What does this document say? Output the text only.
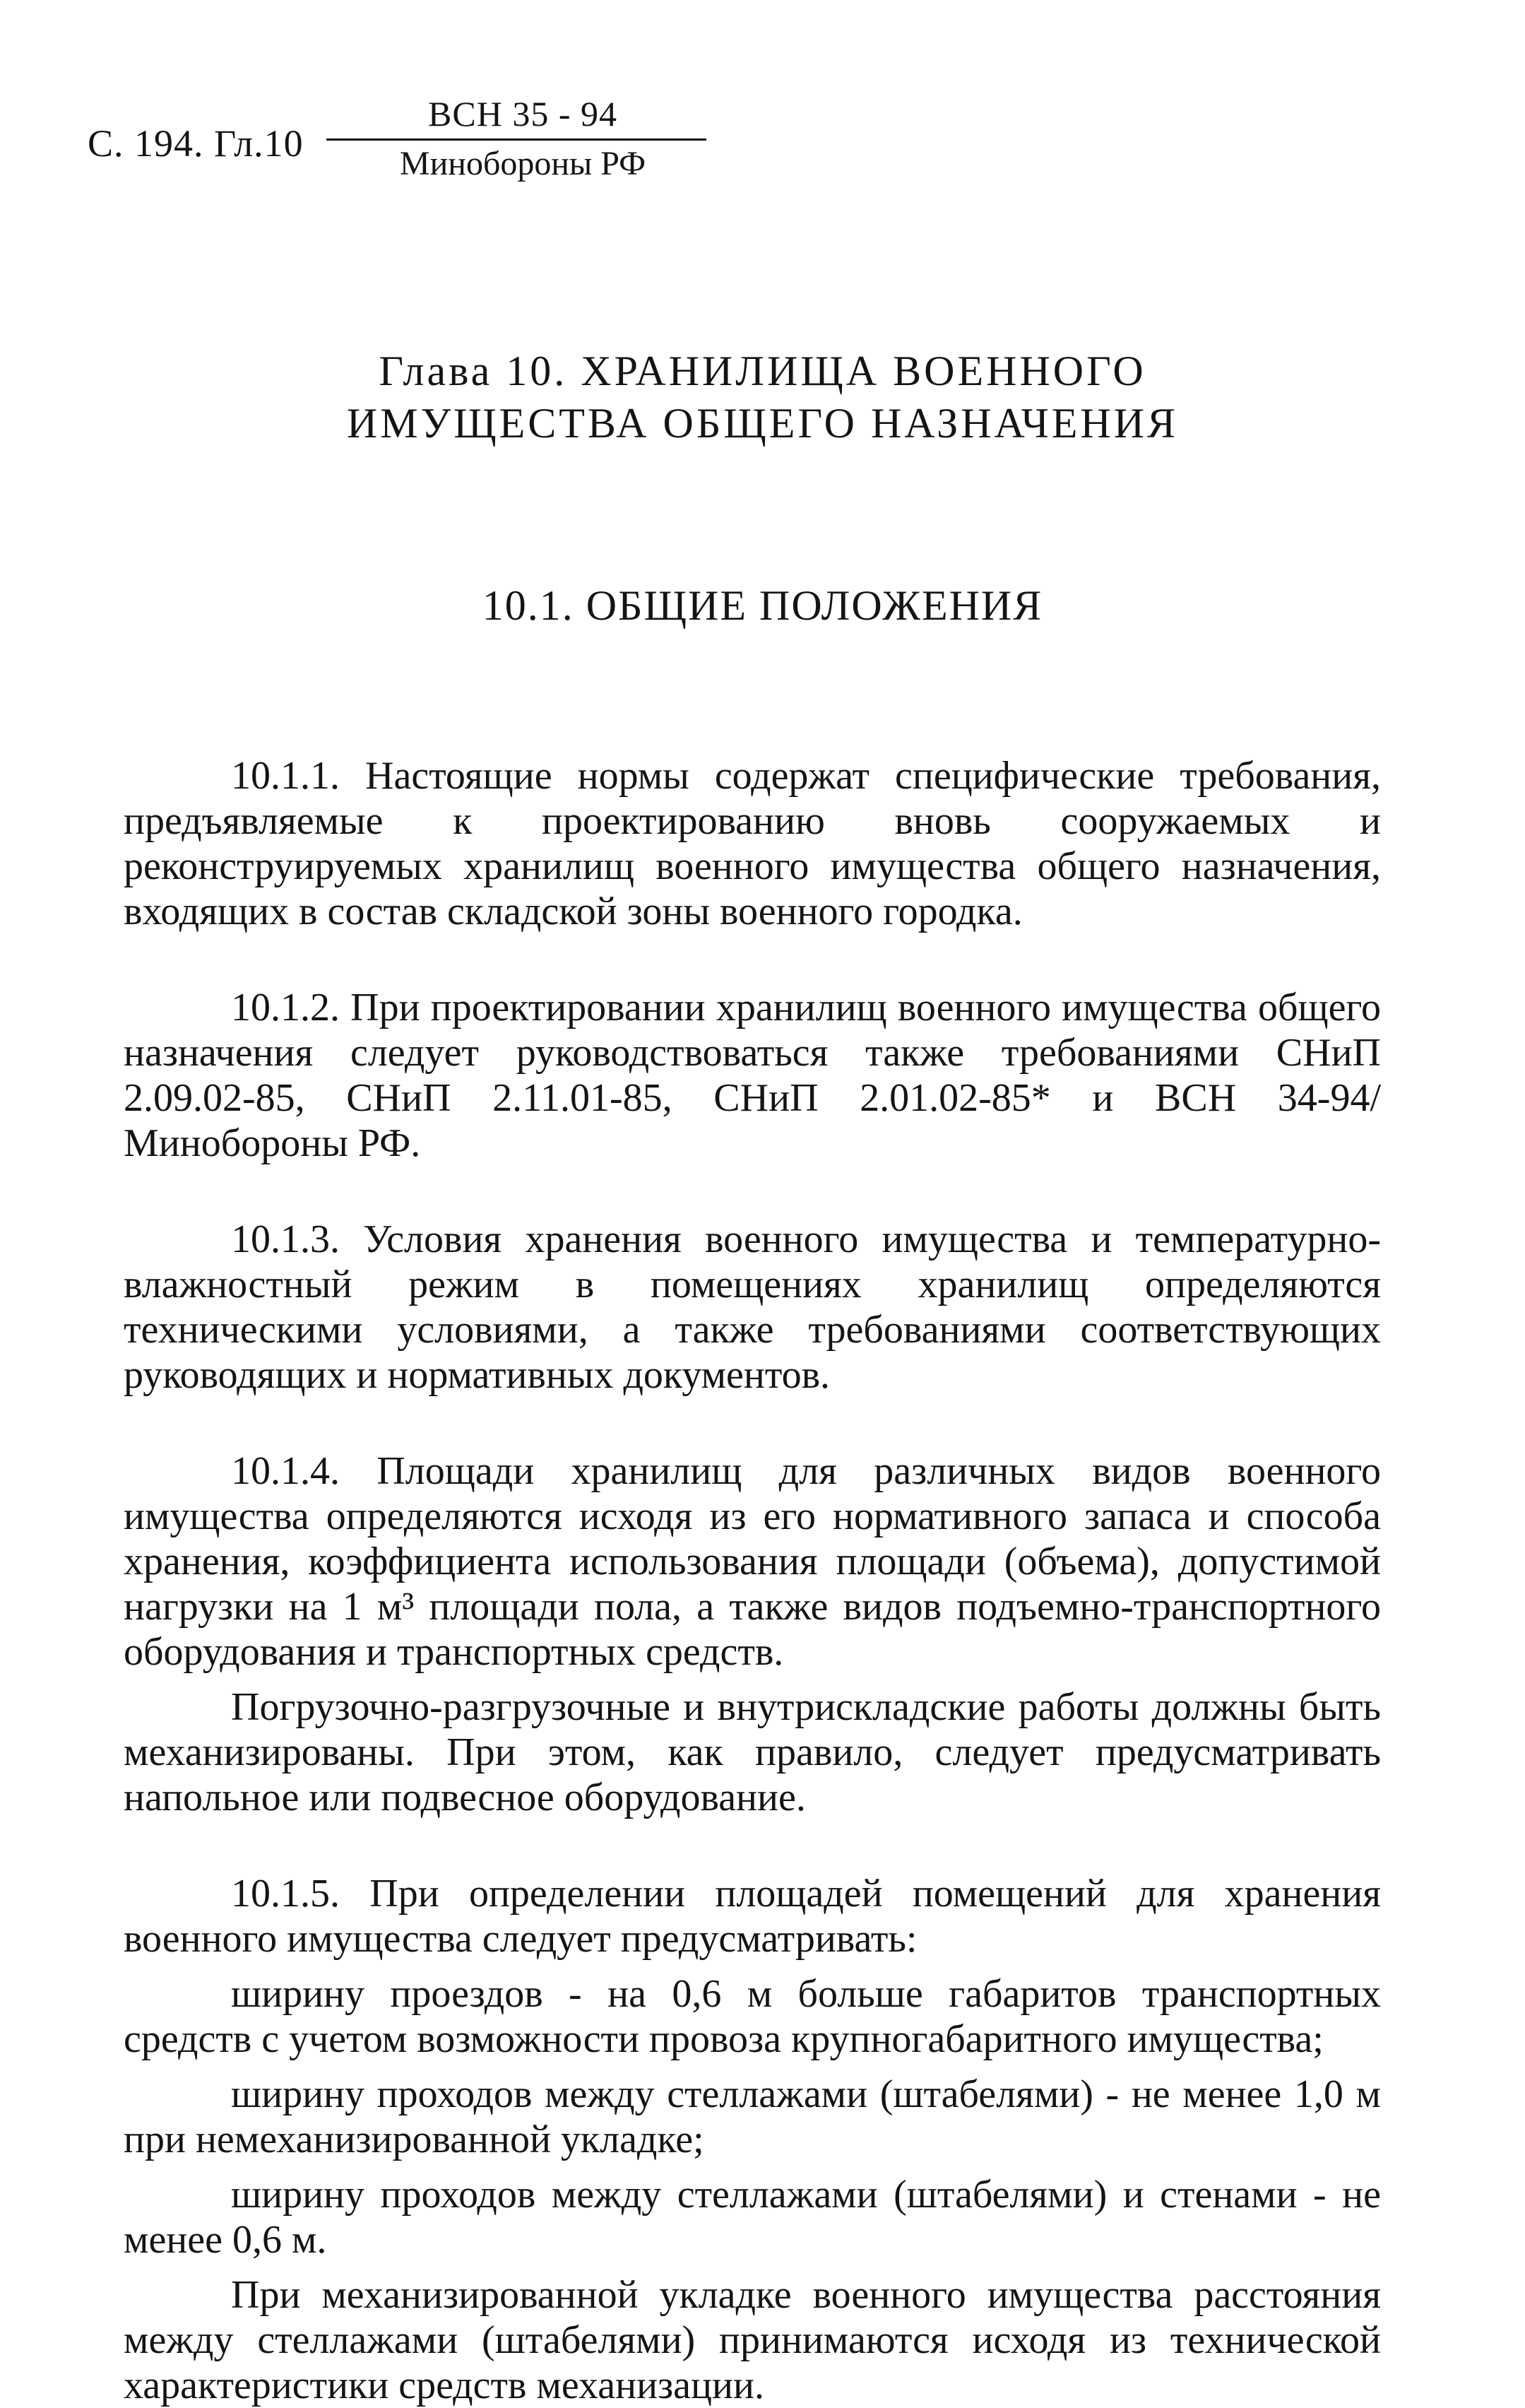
С. 194. Гл.10
ВСН 35 - 94
Минобороны РФ
Глава 10. ХРАНИЛИЩА ВОЕННОГО
ИМУЩЕСТВА ОБЩЕГО НАЗНАЧЕНИЯ
10.1. ОБЩИЕ ПОЛОЖЕНИЯ

10.1.1. Настоящие нормы содержат специфические требования, предъявляемые к проектированию вновь сооружаемых и реконструируемых хранилищ военного имущества общего назначения, входящих в состав складской зоны военного городка.

10.1.2. При проектировании хранилищ военного имущества общего назначения следует руководствоваться также требованиями СНиП 2.09.02-85, СНиП 2.11.01-85, СНиП 2.01.02-85* и ВСН 34-94/Минобороны РФ.

10.1.3. Условия хранения военного имущества и температурно-влажностный режим в помещениях хранилищ определяются техническими условиями, а также требованиями соответствующих руководящих и нормативных документов.

10.1.4. Площади хранилищ для различных видов военного имущества определяются исходя из его нормативного запаса и способа хранения, коэффициента использования площади (объема), допустимой нагрузки на 1 м³ площади пола, а также видов подъемно-транспортного оборудования и транспортных средств.

Погрузочно-разгрузочные и внутрискладские работы должны быть механизированы. При этом, как правило, следует предусматривать напольное или подвесное оборудование.

10.1.5. При определении площадей помещений для хранения военного имущества следует предусматривать:

ширину проездов - на 0,6 м больше габаритов транспортных средств с учетом возможности провоза крупногабаритного имущества;

ширину проходов между стеллажами (штабелями) - не менее 1,0 м при немеханизированной укладке;

ширину проходов между стеллажами (штабелями) и стенами - не менее 0,6 м.

При механизированной укладке военного имущества расстояния между стеллажами (штабелями) принимаются исходя из технической характеристики средств механизации.
